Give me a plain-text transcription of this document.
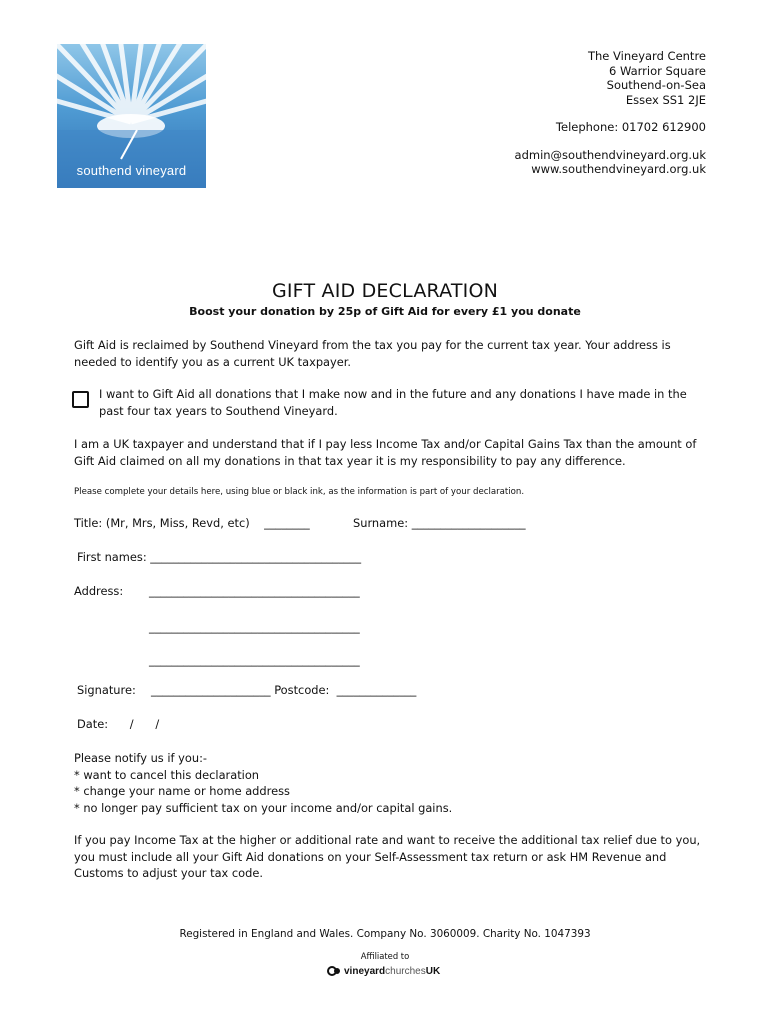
southend vineyard
The Vineyard Centre
6 Warrior Square
Southend-on-Sea
Essex SS1 2JE
Telephone: 01702 612900
admin@southendvineyard.org.uk
www.southendvineyard.org.uk
GIFT AID DECLARATION
Boost your donation by 25p of Gift Aid for every £1 you donate
Gift Aid is reclaimed by Southend Vineyard from the tax you pay for the current tax year. Your address is needed to identify you as a current UK taxpayer.
I want to Gift Aid all donations that I make now and in the future and any donations I have made in the past four tax years to Southend Vineyard.
I am a UK taxpayer and understand that if I pay less Income Tax and/or Capital Gains Tax than the amount of Gift Aid claimed on all my donations in that tax year it is my responsibility to pay any difference.
Please complete your details here, using blue or black ink, as the information is part of your declaration.
Title: (Mr, Mrs, Miss, Revd, etc)    ________	Surname: ____________________
First names: _____________________________________
Address: _____________________________________
_____________________________________
_____________________________________
Signature: _____________________ Postcode:  ______________
Date:      /      /
Please notify us if you:-
* want to cancel this declaration
* change your name or home address
* no longer pay sufficient tax on your income and/or capital gains.
If you pay Income Tax at the higher or additional rate and want to receive the additional tax relief due to you, you must include all your Gift Aid donations on your Self-Assessment tax return or ask HM Revenue and Customs to adjust your tax code.
Registered in England and Wales. Company No. 3060009. Charity No. 1047393
Affiliated to
vineyardchurchesUK
